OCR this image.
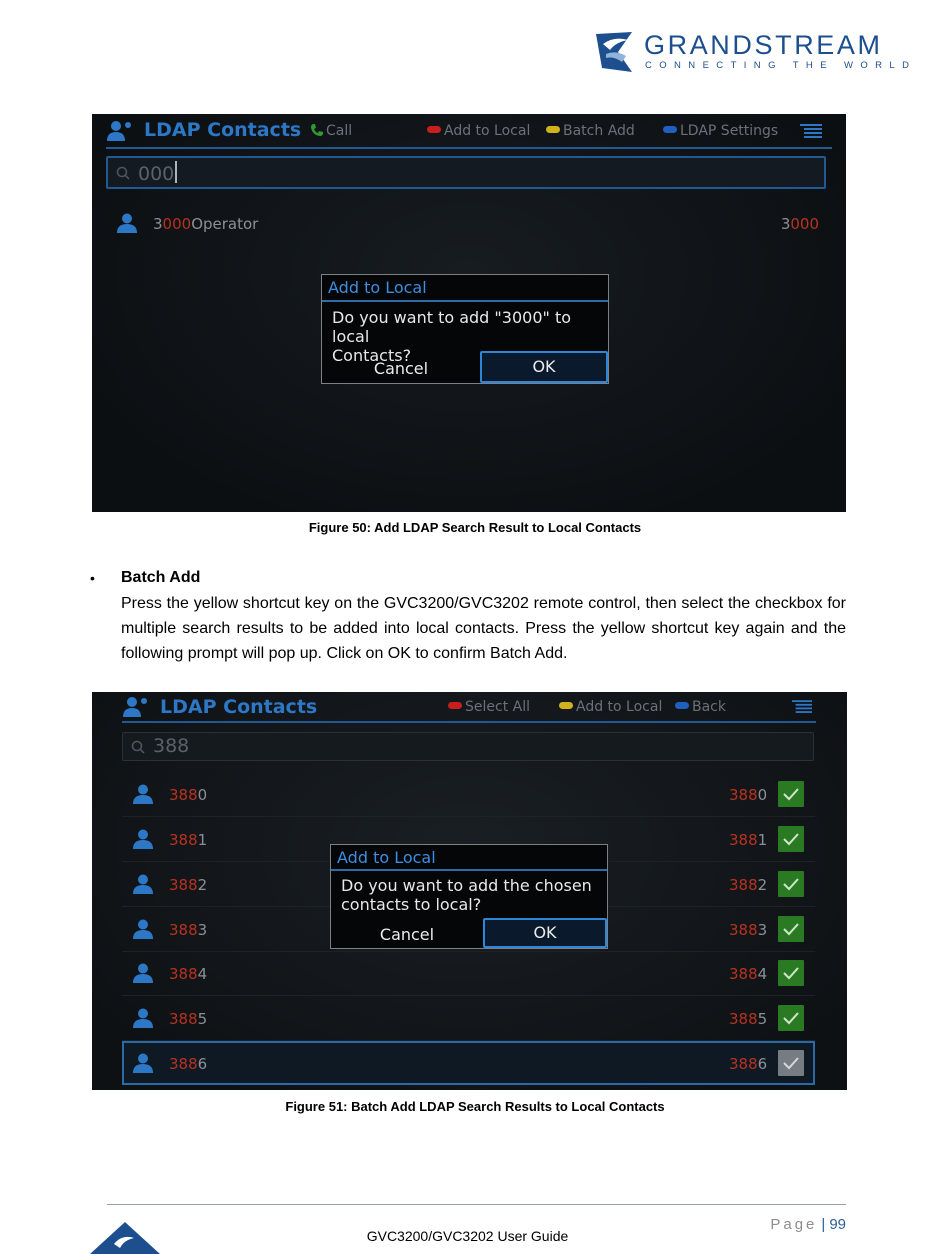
GRANDSTREAM
CONNECTING THE WORLD
LDAP Contacts	Call	Add to Local	Batch Add	LDAP Settings
000
3000Operator	3000
Add to Local
Do you want to add "3000" to local
Contacts?
Cancel	OK
Figure 50: Add LDAP Search Result to Local Contacts
• Batch Add
Press the yellow shortcut key on the GVC3200/GVC3202 remote control, then select the checkbox for multiple search results to be added into local contacts. Press the yellow shortcut key again and the following prompt will pop up. Click on OK to confirm Batch Add.
LDAP Contacts	Select All	Add to Local	Back
388
3880	3880
3881	3881
3882	3882
3883	3883
3884	3884
3885	3885
3886	3886
Add to Local
Do you want to add the chosen
contacts to local?
Cancel	OK
Figure 51: Batch Add LDAP Search Results to Local Contacts
Page | 99
GVC3200/GVC3202 User Guide
